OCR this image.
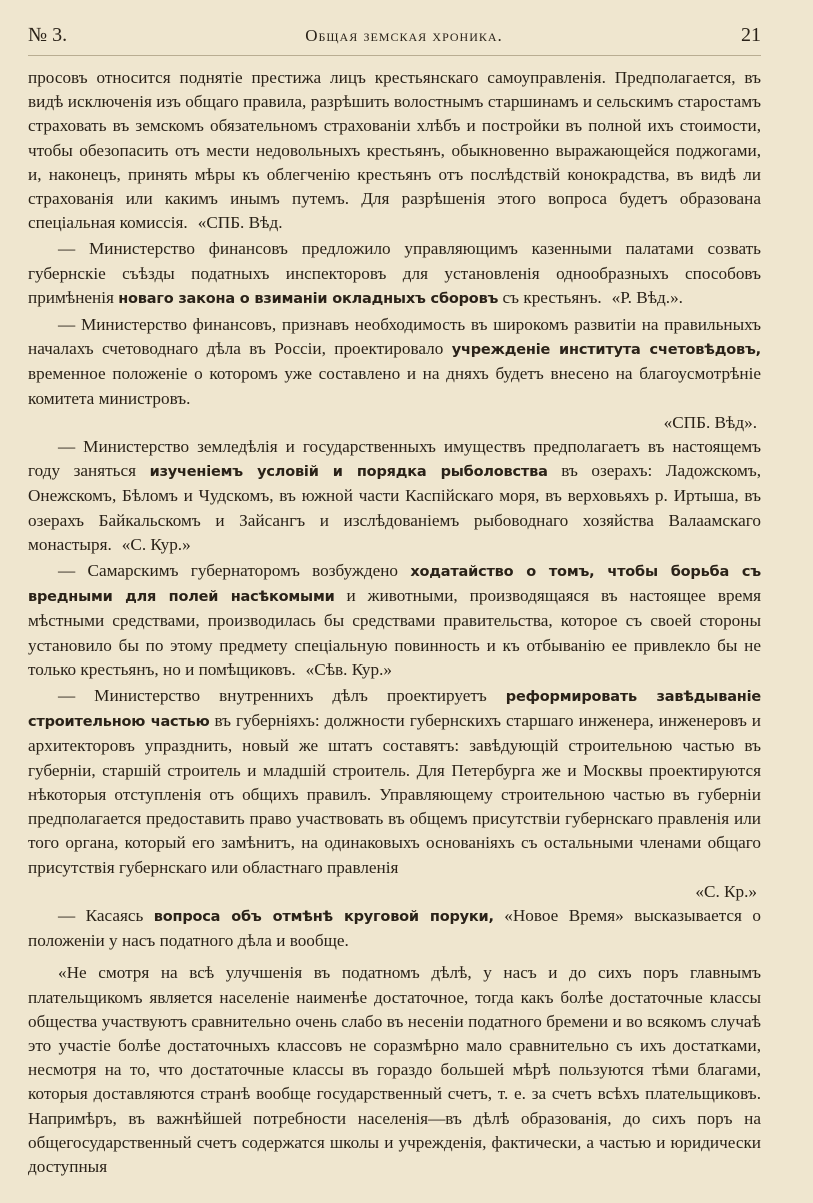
№ 3.	Общая земская хроника.	21

просовъ относится поднятіе престижа лицъ крестьянскаго самоуправленія. Предполагается, въ видѣ исключенія изъ общаго правила, разрѣшить волостнымъ старшинамъ и сельскимъ старостамъ страховать въ земскомъ обязательномъ страхованіи хлѣбъ и постройки въ полной ихъ стоимости, чтобы обезопасить отъ мести недовольныхъ крестьянъ, обыкновенно выражающейся поджогами, и, наконецъ, принять мѣры къ облегченію крестьянъ отъ послѣдствій конокрадства, въ видѣ ли страхованія или какимъ инымъ путемъ. Для разрѣшенія этого вопроса будетъ образована спеціальная комиссія. «СПБ. Вѣд.

— Министерство финансовъ предложило управляющимъ казенными палатами созвать губернскіе съѣзды податныхъ инспекторовъ для установленія однообразныхъ способовъ примѣненія новаго закона о взиманіи окладныхъ сборовъ съ крестьянъ. «Р. Вѣд.».

— Министерство финансовъ, признавъ необходимость въ широкомъ развитіи на правильныхъ началахъ счетоводнаго дѣла въ Россіи, проектировало учрежденіе института счетовѣдовъ, временное положеніе о которомъ уже составлено и на дняхъ будетъ внесено на благоусмотрѣніе комитета министровъ.

«СПБ. Вѣд».

— Министерство земледѣлія и государственныхъ имуществъ предполагаетъ въ настоящемъ году заняться изученіемъ условій и порядка рыболовства въ озерахъ: Ладожскомъ, Онежскомъ, Бѣломъ и Чудскомъ, въ южной части Каспійскаго моря, въ верховьяхъ р. Иртыша, въ озерахъ Байкальскомъ и Зайсангъ и изслѣдованіемъ рыбоводнаго хозяйства Валаамскаго монастыря. «С. Кур.»

— Самарскимъ губернаторомъ возбуждено ходатайство о томъ, чтобы борьба съ вредными для полей насѣкомыми и животными, производящаяся въ настоящее время мѣстными средствами, производилась бы средствами правительства, которое съ своей стороны установило бы по этому предмету спеціальную повинность и къ отбыванію ее привлекло бы не только крестьянъ, но и помѣщиковъ. «Сѣв. Кур.»

— Министерство внутреннихъ дѣлъ проектируетъ реформировать завѣдываніе строительною частью въ губерніяхъ: должности губернскихъ старшаго инженера, инженеровъ и архитекторовъ упразднить, новый же штатъ составятъ: завѣдующій строительною частью въ губерніи, старшій строитель и младшій строитель. Для Петербурга же и Москвы проектируются нѣкоторыя отступленія отъ общихъ правилъ. Управляющему строительною частью въ губерніи предполагается предоставить право участвовать въ общемъ присутствіи губернскаго правленія или того органа, который его замѣнитъ, на одинаковыхъ основаніяхъ съ остальными членами общаго присутствія губернскаго или областнаго правленія

«С. Кр.»

— Касаясь вопроса объ отмѣнѣ круговой поруки, «Новое Время» высказывается о положеніи у насъ податного дѣла и вообще.

«Не смотря на всѣ улучшенія въ податномъ дѣлѣ, у насъ и до сихъ поръ главнымъ плательщикомъ является населеніе наименѣе достаточное, тогда какъ болѣе достаточные классы общества участвуютъ сравнительно очень слабо въ несеніи податного бремени и во всякомъ случаѣ это участіе болѣе достаточныхъ классовъ не соразмѣрно мало сравнительно съ ихъ достатками, несмотря на то, что достаточные классы въ гораздо большей мѣрѣ пользуются тѣми благами, которыя доставляются странѣ вообще государственный счетъ, т. е. за счетъ всѣхъ плательщиковъ. Напримѣръ, въ важнѣйшей потребности населенія—въ дѣлѣ образованія, до сихъ поръ на общегосударственный счетъ содержатся школы и учрежденія, фактически, а частью и юридически доступныя
